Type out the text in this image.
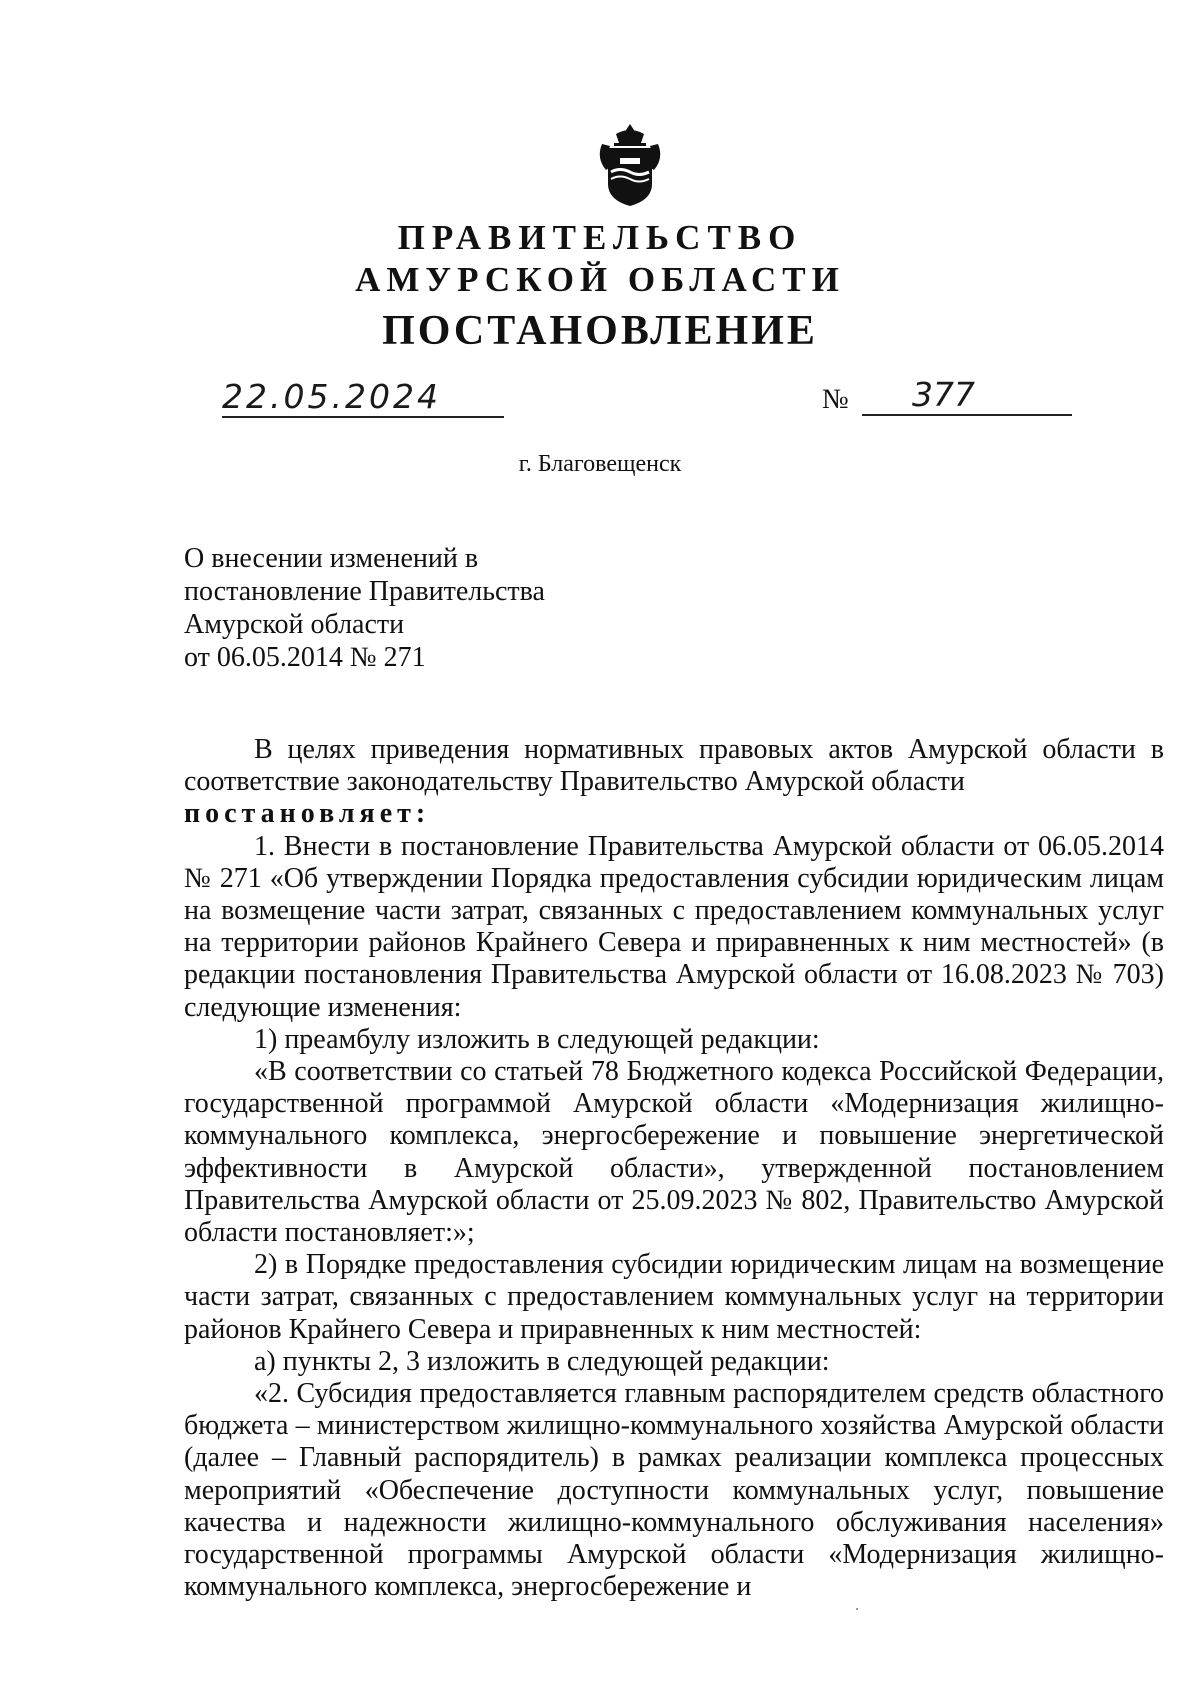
ПРАВИТЕЛЬСТВО
АМУРСКОЙ ОБЛАСТИ
ПОСТАНОВЛЕНИЕ
22.05.2024	№	377
г. Благовещенск
О внесении изменений в
постановление Правительства
Амурской области
от 06.05.2014 № 271

В целях приведения нормативных правовых актов Амурской области в соответствие законодательству Правительство Амурской области

постановляет:

1. Внести в постановление Правительства Амурской области от 06.05.2014 № 271 «Об утверждении Порядка предоставления субсидии юридическим лицам на возмещение части затрат, связанных с предоставлением коммунальных услуг на территории районов Крайнего Севера и приравненных к ним местностей» (в редакции постановления Правительства Амурской области от 16.08.2023 № 703) следующие изменения:

1) преамбулу изложить в следующей редакции:

«В соответствии со статьей 78 Бюджетного кодекса Российской Федерации, государственной программой Амурской области «Модернизация жилищно-коммунального комплекса, энергосбережение и повышение энергетической эффективности в Амурской области», утвержденной постановлением Правительства Амурской области от 25.09.2023 № 802, Правительство Амурской области постановляет:»;

2) в Порядке предоставления субсидии юридическим лицам на возмещение части затрат, связанных с предоставлением коммунальных услуг на территории районов Крайнего Севера и приравненных к ним местностей:

а) пункты 2, 3 изложить в следующей редакции:

«2. Субсидия предоставляется главным распорядителем средств областного бюджета – министерством жилищно-коммунального хозяйства Амурской области (далее – Главный распорядитель) в рамках реализации комплекса процессных мероприятий «Обеспечение доступности коммунальных услуг, повышение качества и надежности жилищно-коммунального обслуживания населения» государственной программы Амурской области «Модернизация жилищно-коммунального комплекса, энергосбережение и
